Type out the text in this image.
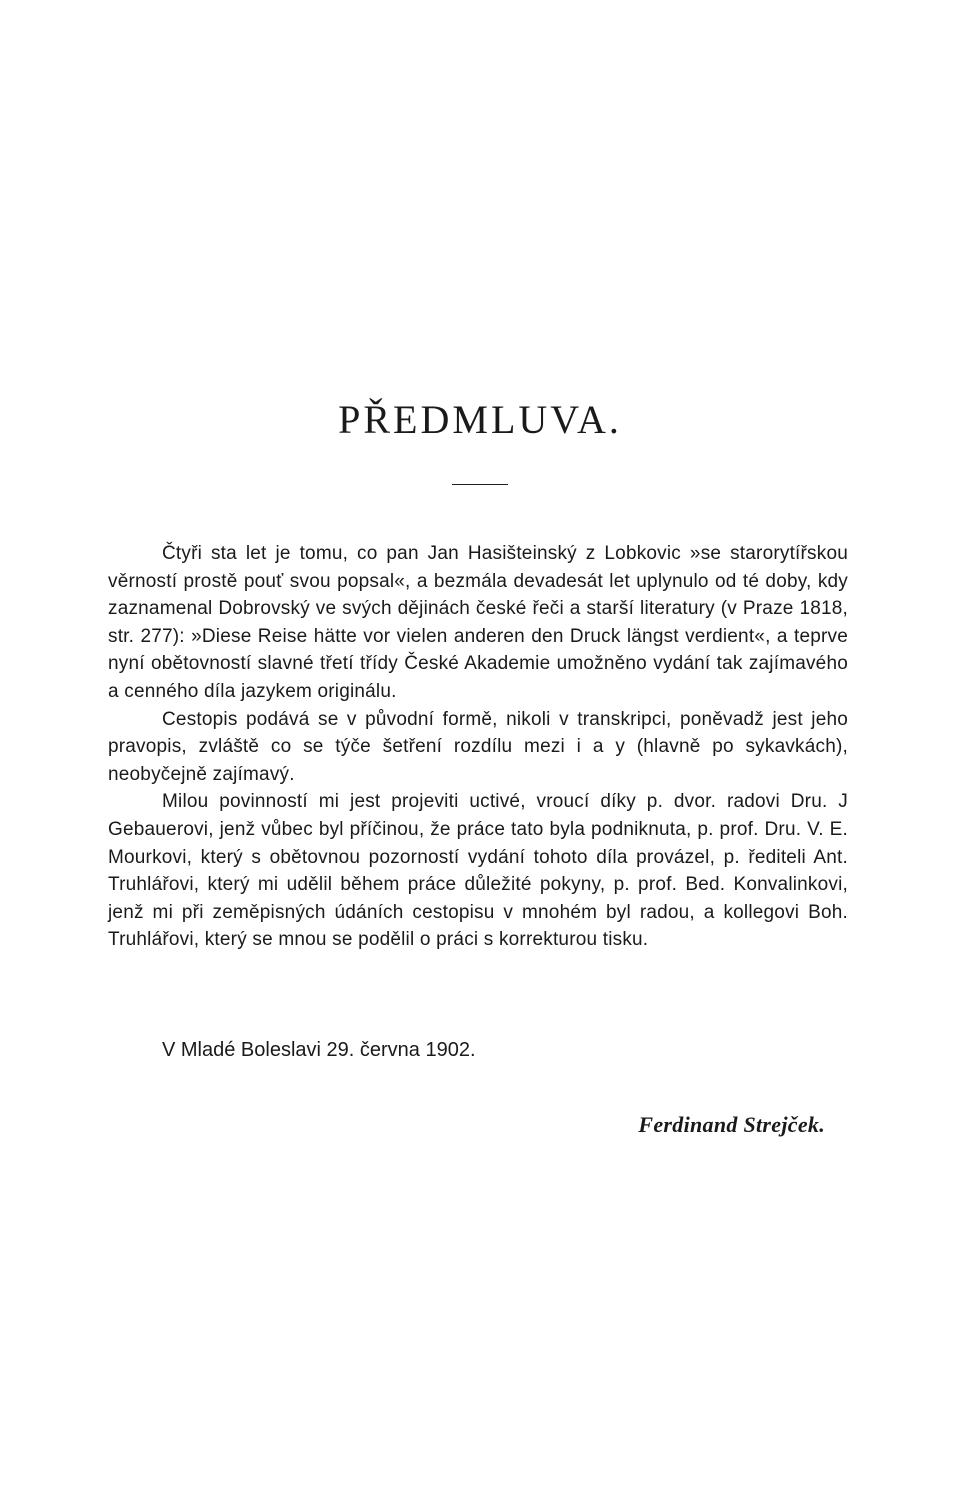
PŘEDMLUVA.

Čtyři sta let je tomu, co pan Jan Hasišteinský z Lobkovic »se starorytířskou věrností prostě pouť svou popsal«, a bezmála devadesát let uplynulo od té doby, kdy zaznamenal Dobrovský ve svých dějinách české řeči a starší literatury (v Praze 1818, str. 277): »Diese Reise hätte vor vielen anderen den Druck längst verdient«, a teprve nyní obětovností slavné třetí třídy České Akademie umožněno vydání tak zajímavého a cenného díla jazykem originálu.

Cestopis podává se v původní formě, nikoli v transkripci, poněvadž jest jeho pravopis, zvláště co se týče šetření rozdílu mezi i a y (hlavně po sykavkách), neobyčejně zajímavý.

Milou povinností mi jest projeviti uctivé, vroucí díky p. dvor. radovi Dru. J Gebauerovi, jenž vůbec byl příčinou, že práce tato byla podniknuta, p. prof. Dru. V. E. Mourkovi, který s obětovnou pozorností vydání tohoto díla provázel, p. řediteli Ant. Truhlářovi, který mi udělil během práce důležité pokyny, p. prof. Bed. Konvalinkovi, jenž mi při zeměpisných údáních cestopisu v mnohém byl radou, a kollegovi Boh. Truhlářovi, který se mnou se podělil o práci s korrekturou tisku.

V Mladé Boleslavi 29. června 1902.
Ferdinand Strejček.
